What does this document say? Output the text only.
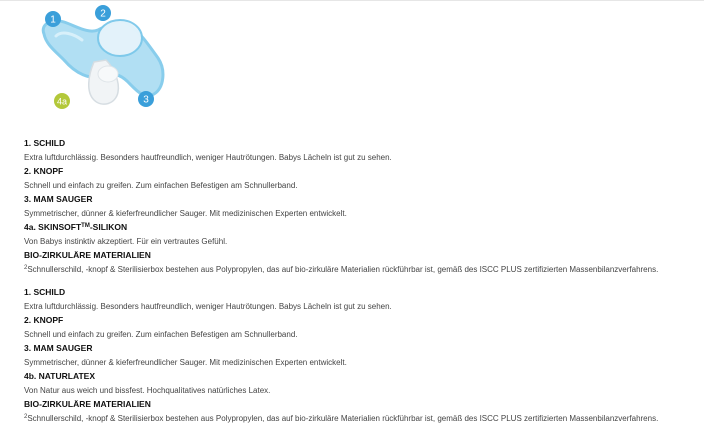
1
2
3
4a
1. SCHILD
Extra luftdurchlässig. Besonders hautfreundlich, weniger Hautrötungen. Babys Lächeln ist gut zu sehen.
2. KNOPF
Schnell und einfach zu greifen. Zum einfachen Befestigen am Schnullerband.
3. MAM SAUGER
Symmetrischer, dünner & kieferfreundlicher Sauger. Mit medizinischen Experten entwickelt.
4a. SKINSOFT™-SILIKON
Von Babys instinktiv akzeptiert. Für ein vertrautes Gefühl.
BIO-ZIRKULÄRE MATERIALIEN
$^2$Schnullerschild, -knopf & Sterilisierbox bestehen aus Polypropylen, das auf bio-zirkuläre Materialien rückführbar ist, gemäß des ISCC PLUS zertifizierten Massenbilanzverfahrens.
1. SCHILD
Extra luftdurchlässig. Besonders hautfreundlich, weniger Hautrötungen. Babys Lächeln ist gut zu sehen.
2. KNOPF
Schnell und einfach zu greifen. Zum einfachen Befestigen am Schnullerband.
3. MAM SAUGER
Symmetrischer, dünner & kieferfreundlicher Sauger. Mit medizinischen Experten entwickelt.
4b. NATURLATEX
Von Natur aus weich und bissfest. Hochqualitatives natürliches Latex.
BIO-ZIRKULÄRE MATERIALIEN
$^2$Schnullerschild, -knopf & Sterilisierbox bestehen aus Polypropylen, das auf bio-zirkuläre Materialien rückführbar ist, gemäß des ISCC PLUS zertifizierten Massenbilanzverfahrens.
